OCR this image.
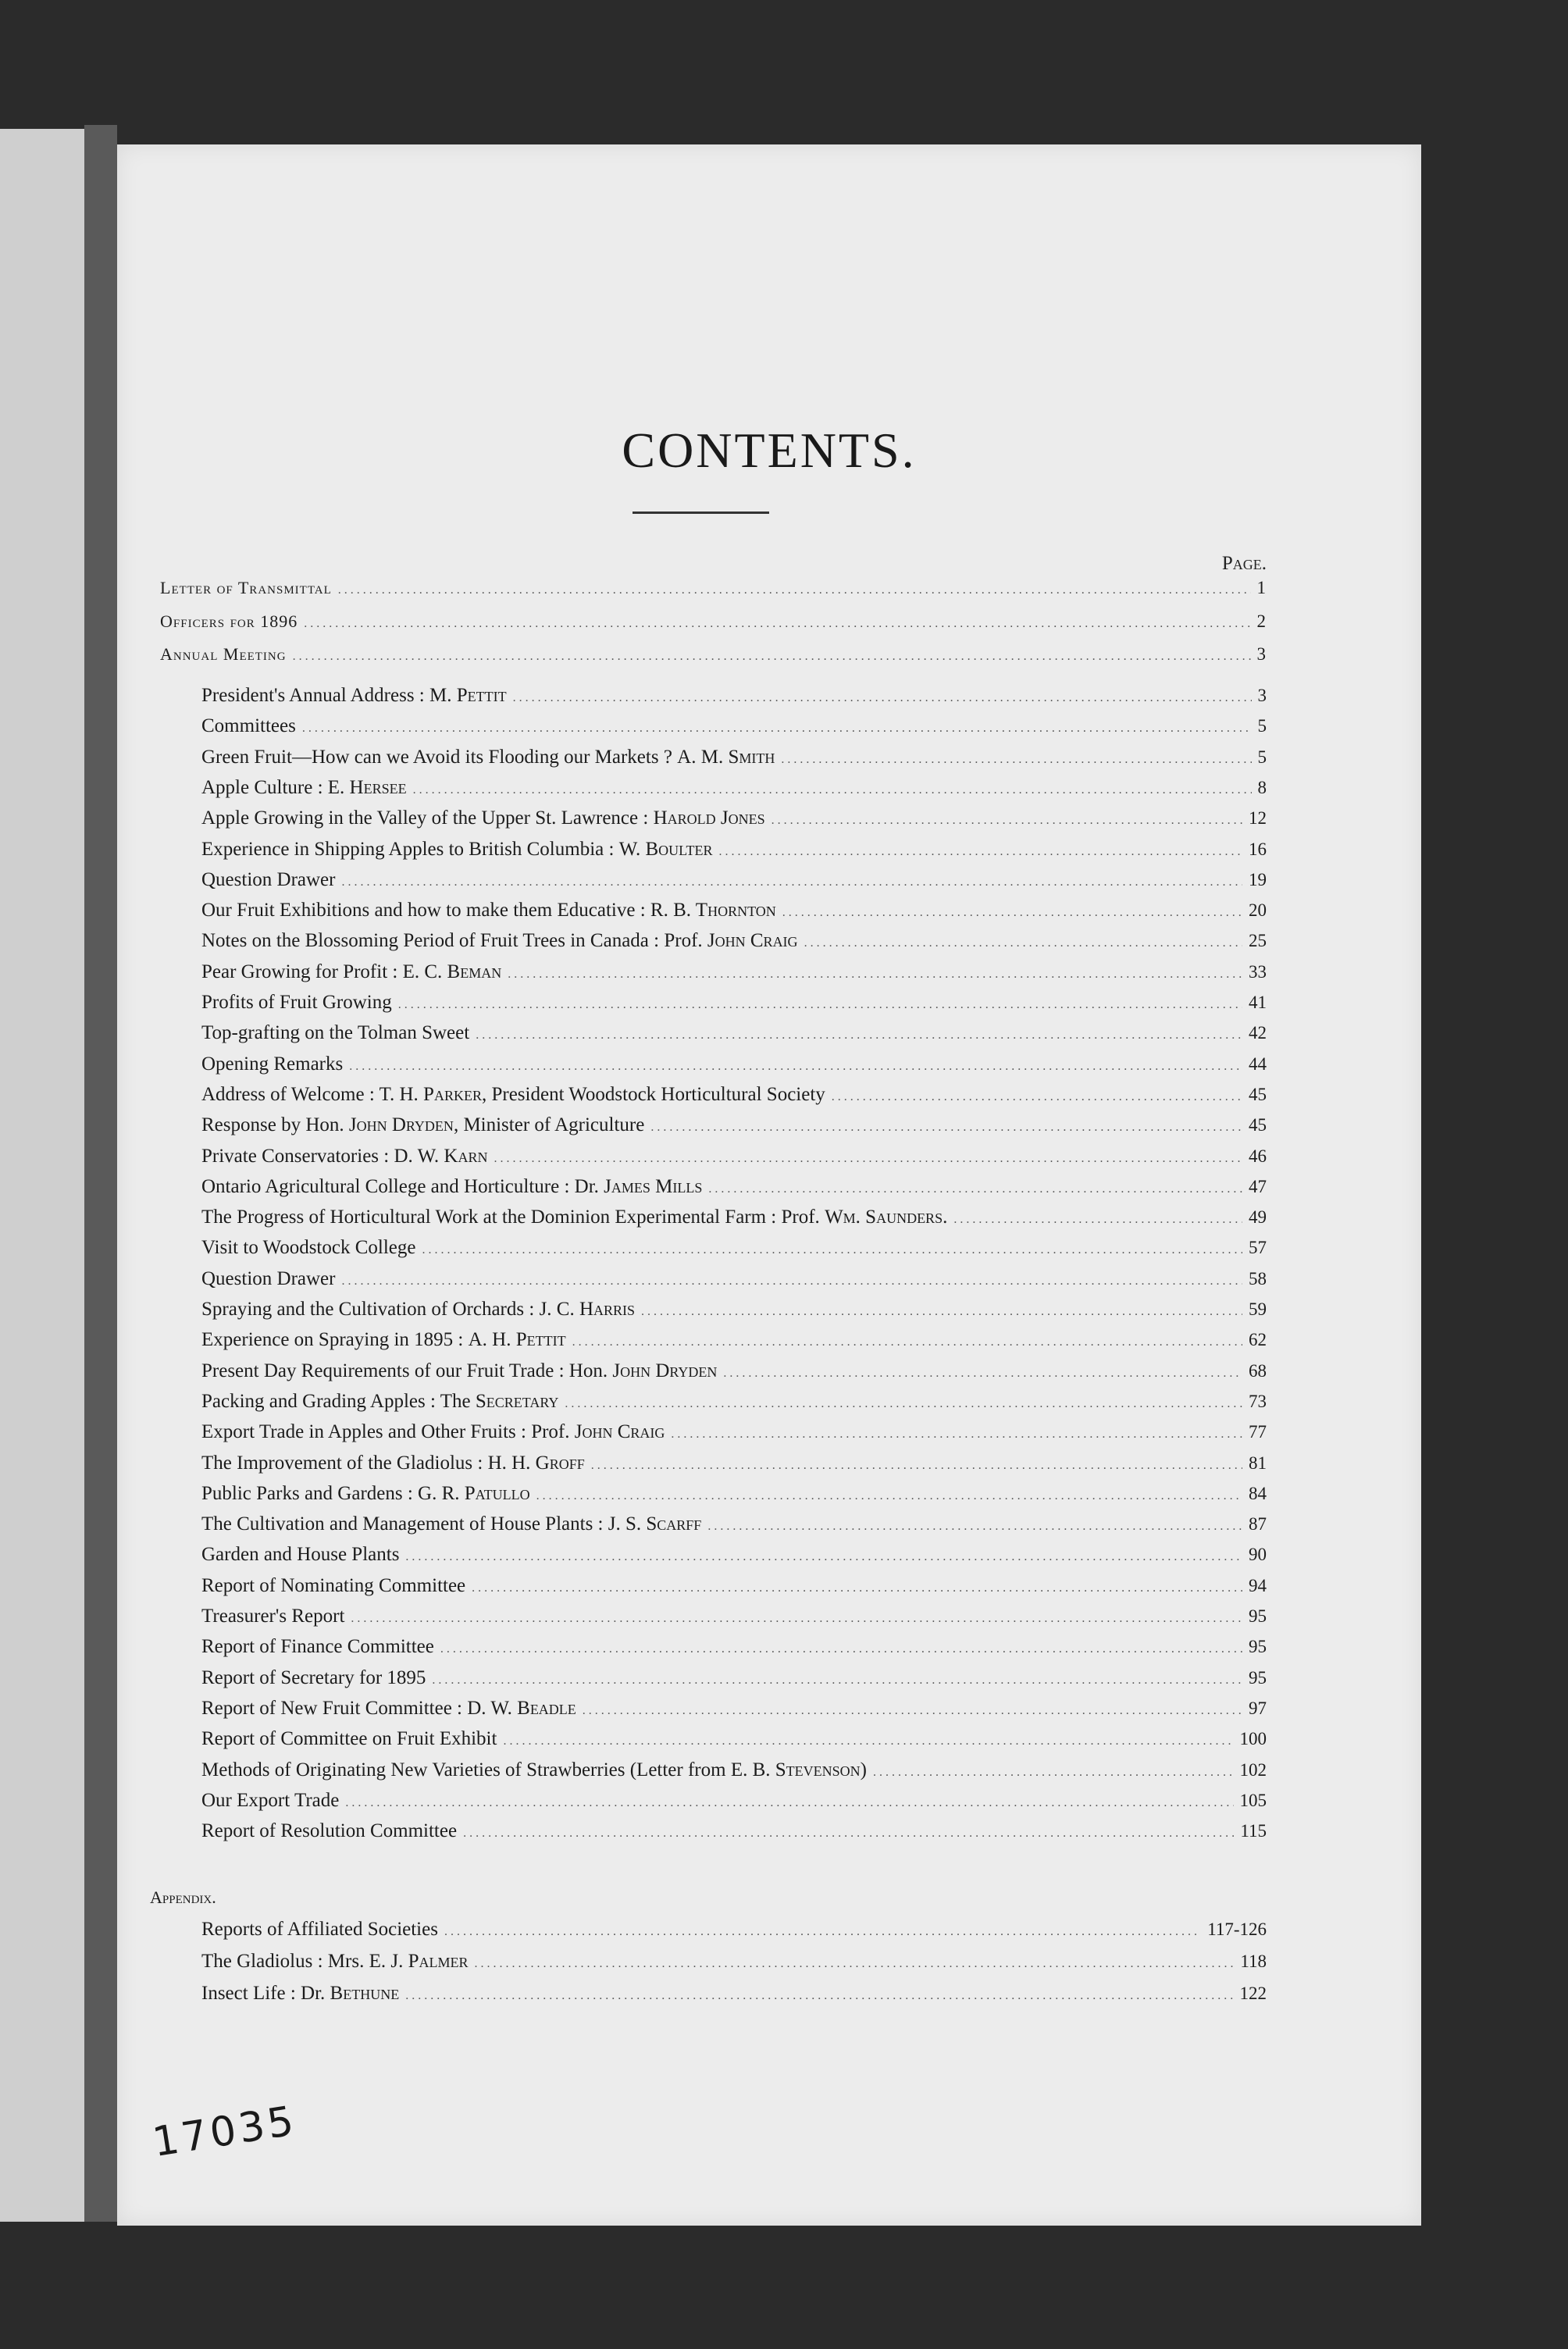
CONTENTS.
Page.
Letter of Transmittal .....	1
Officers for 1896 .....	2
Annual Meeting .....	3
President's Annual Address : M. Pettit .....	3
Committees .....	5
Green Fruit—How can we Avoid its Flooding our Markets ? A. M. Smith .....	5
Apple Culture : E. Hersee .....	8
Apple Growing in the Valley of the Upper St. Lawrence : Harold Jones .....	12
Experience in Shipping Apples to British Columbia : W. Boulter .....	16
Question Drawer .....	19
Our Fruit Exhibitions and how to make them Educative : R. B. Thornton .....	20
Notes on the Blossoming Period of Fruit Trees in Canada : Prof. John Craig .....	25
Pear Growing for Profit : E. C. Beman .....	33
Profits of Fruit Growing .....	41
Top-grafting on the Tolman Sweet .....	42
Opening Remarks .....	44
Address of Welcome : T. H. Parker, President Woodstock Horticultural Society .....	45
Response by Hon. John Dryden, Minister of Agriculture .....	45
Private Conservatories : D. W. Karn .....	46
Ontario Agricultural College and Horticulture : Dr. James Mills .....	47
The Progress of Horticultural Work at the Dominion Experimental Farm : Prof. Wm. Saunders. .....	49
Visit to Woodstock College .....	57
Question Drawer .....	58
Spraying and the Cultivation of Orchards : J. C. Harris .....	59
Experience on Spraying in 1895 : A. H. Pettit .....	62
Present Day Requirements of our Fruit Trade : Hon. John Dryden .....	68
Packing and Grading Apples : The Secretary .....	73
Export Trade in Apples and Other Fruits : Prof. John Craig .....	77
The Improvement of the Gladiolus : H. H. Groff .....	81
Public Parks and Gardens : G. R. Patullo .....	84
The Cultivation and Management of House Plants : J. S. Scarff .....	87
Garden and House Plants .....	90
Report of Nominating Committee .....	94
Treasurer's Report .....	95
Report of Finance Committee .....	95
Report of Secretary for 1895 .....	95
Report of New Fruit Committee : D. W. Beadle .....	97
Report of Committee on Fruit Exhibit .....	100
Methods of Originating New Varieties of Strawberries (Letter from E. B. Stevenson) .....	102
Our Export Trade .....	105
Report of Resolution Committee .....	115
Reports of Affiliated Societies .....	117-126
The Gladiolus : Mrs. E. J. Palmer .....	118
Insect Life : Dr. Bethune .....	122
Appendix.
17035
